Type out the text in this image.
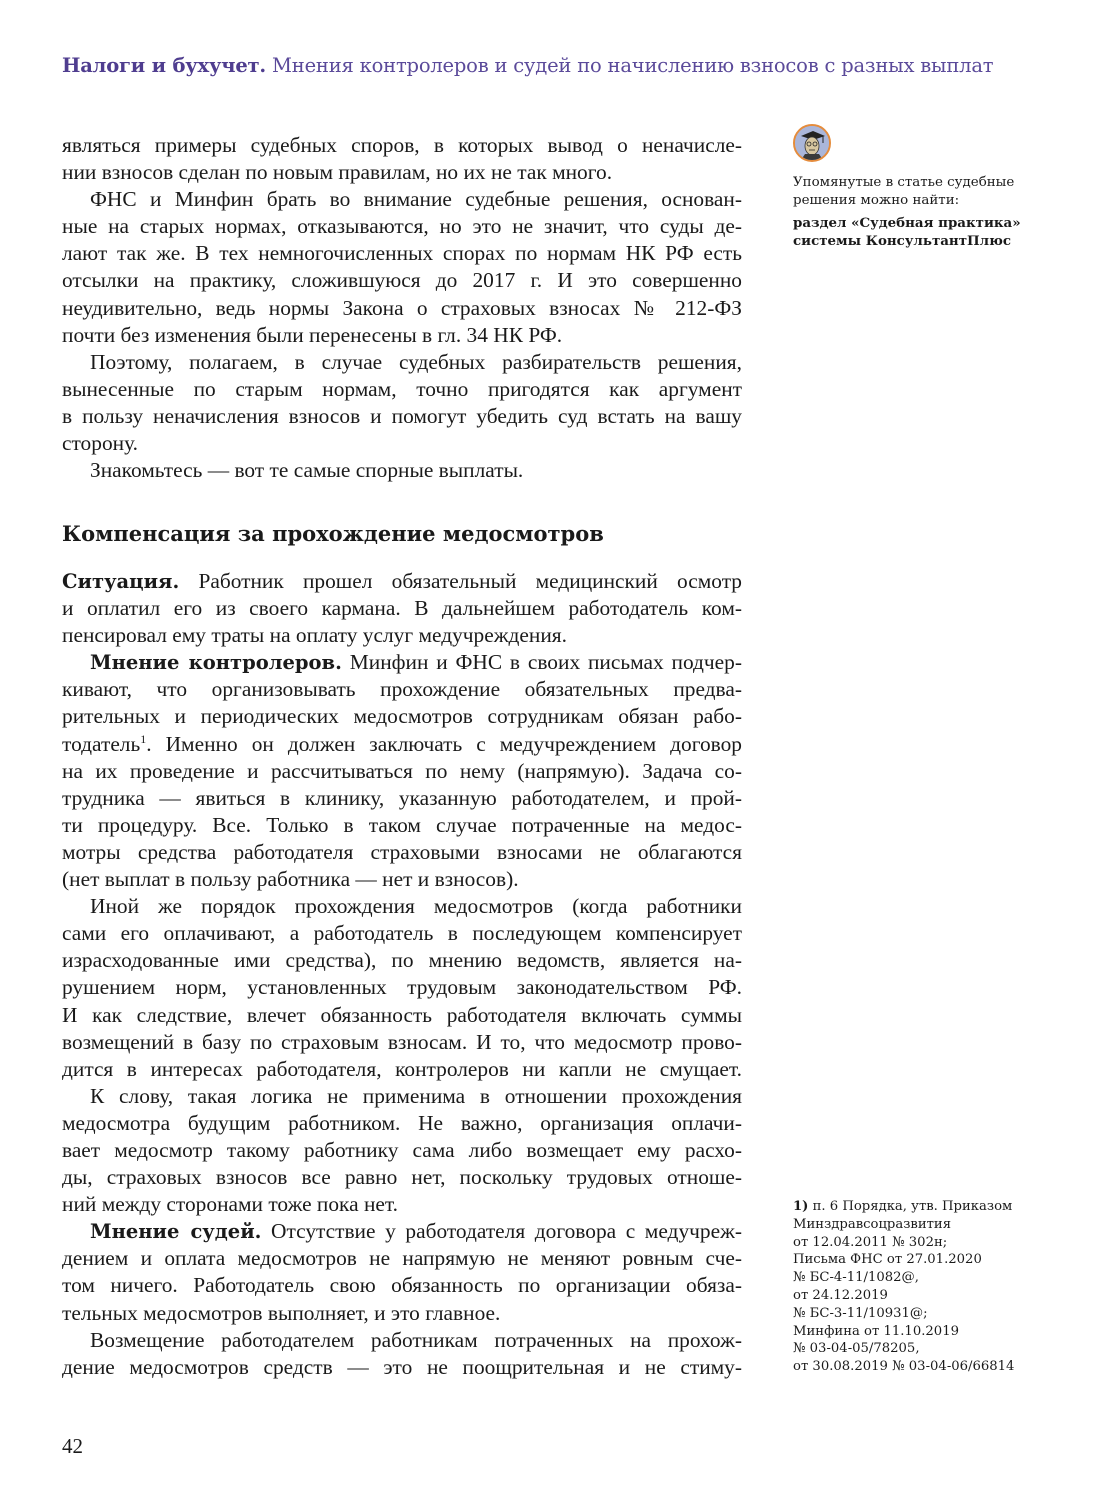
Налоги и бухучет. Мнения контролеров и судей по начислению взносов с разных выплат
являться примеры судебных споров, в которых вывод о неначисле-
нии взносов сделан по новым правилам, но их не так много.
ФНС и Минфин брать во внимание судебные решения, основан-
ные на старых нормах, отказываются, но это не значит, что суды де-
лают так же. В тех немногочисленных спорах по нормам НК РФ есть
отсылки на практику, сложившуюся до 2017 г. И это совершенно
неудивительно, ведь нормы Закона о страховых взносах № 212-ФЗ
почти без изменения были перенесены в гл. 34 НК РФ.
Поэтому, полагаем, в случае судебных разбирательств решения,
вынесенные по старым нормам, точно пригодятся как аргумент
в пользу неначисления взносов и помогут убедить суд встать на вашу
сторону.
Знакомьтесь — вот те самые спорные выплаты.
Компенсация за прохождение медосмотров
Ситуация. Работник прошел обязательный медицинский осмотр
и оплатил его из своего кармана. В дальнейшем работодатель ком-
пенсировал ему траты на оплату услуг медучреждения.
Мнение контролеров. Минфин и ФНС в своих письмах подчер-
кивают, что организовывать прохождение обязательных предва-
рительных и периодических медосмотров сотрудникам обязан рабо-
тодатель$^1$. Именно он должен заключать с медучреждением договор
на их проведение и рассчитываться по нему (напрямую). Задача со-
трудника — явиться в клинику, указанную работодателем, и прой-
ти процедуру. Все. Только в таком случае потраченные на медос-
мотры средства работодателя страховыми взносами не облагаются
(нет выплат в пользу работника — нет и взносов).
Иной же порядок прохождения медосмотров (когда работники
сами его оплачивают, а работодатель в последующем компенсирует
израсходованные ими средства), по мнению ведомств, является на-
рушением норм, установленных трудовым законодательством РФ.
И как следствие, влечет обязанность работодателя включать суммы
возмещений в базу по страховым взносам. И то, что медосмотр прово-
дится в интересах работодателя, контролеров ни капли не смущает.
К слову, такая логика не применима в отношении прохождения
медосмотра будущим работником. Не важно, организация оплачи-
вает медосмотр такому работнику сама либо возмещает ему расхо-
ды, страховых взносов все равно нет, поскольку трудовых отноше-
ний между сторонами тоже пока нет.
Мнение судей. Отсутствие у работодателя договора с медучреж-
дением и оплата медосмотров не напрямую не меняют ровным сче-
том ничего. Работодатель свою обязанность по организации обяза-
тельных медосмотров выполняет, и это главное.
Возмещение работодателем работникам потраченных на прохож-
дение медосмотров средств — это не поощрительная и не стиму-
Упомянутые в статье судебные
решения можно найти:
раздел «Судебная практика»
системы КонсультантПлюс
1) п. 6 Порядка, утв. Приказом
Минздравсоцразвития
от 12.04.2011 № 302н;
Письма ФНС от 27.01.2020
№ БС-4-11/1082@,
от 24.12.2019
№ БС-3-11/10931@;
Минфина от 11.10.2019
№ 03-04-05/78205,
от 30.08.2019 № 03-04-06/66814
42
